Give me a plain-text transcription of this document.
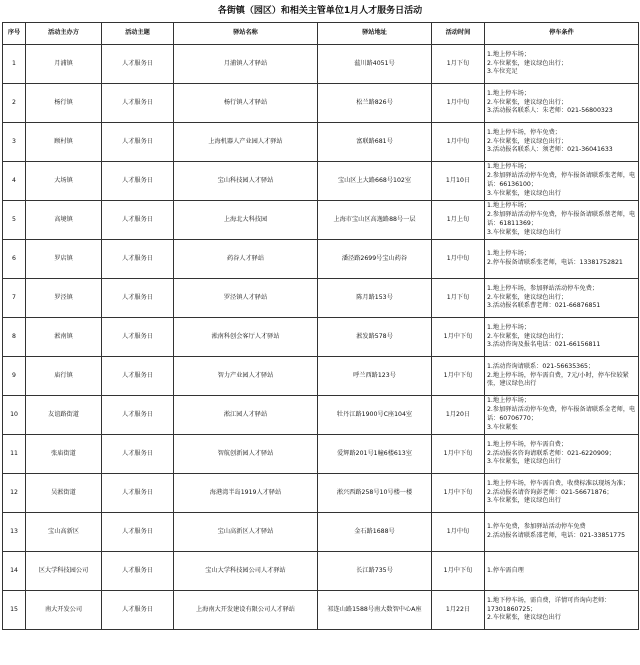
各街镇（园区）和相关主管单位1月人才服务日活动
序号	活动主办方	活动主题	驿站名称	驿站地址	活动时间	停车条件
1	月浦镇	人才服务日	月浦镇人才驿站	蕰川路4051号	1月下旬	1.地上停车场；
2.车位紧张，建议绿色出行；
3.车位充足

2	杨行镇	人才服务日	杨行镇人才驿站	松兰路826号	1月中旬	1.地上停车场；
2.车位紧张，建议绿色出行；
3.活动报名联系人：朱老师：021-56800323

3	顾村镇	人才服务日	上海机器人产业园人才驿站	富联路681号	1月中旬	1.地上停车场，停车免费；
2.车位紧张，建议绿色出行；
3.活动报名联系人：须老师：021-36041633

4	大场镇	人才服务日	宝山科技园人才驿站	宝山区上大路668号102室	1月10日	1.地上停车场；
2.参加驿站活动停车免费，停车报备请联系张老师，电话：66136100；
3.车位紧张，建议绿色出行

5	高境镇	人才服务日	上海北大科技园	上海市宝山区高逸路88号一层	1月上旬	1.地上停车场；
2.参加驿站活动停车免费，停车报备请联系蔡老师，电话：61811369；
3.车位紧张，建议绿色出行

6	罗店镇	人才服务日	药谷人才驿站	潘泾路2699号宝山药谷	1月中旬	1.地上停车场；
2.停车报备请联系张老师，电话：13381752821

7	罗泾镇	人才服务日	罗泾镇人才驿站	陈月路153号	1月下旬	1.地上停车场，参加驿站活动停车免费；
2.车位紧张，建议绿色出行；
3.活动报名联系曹老师：021-66876851

8	淞南镇	人才服务日	淞南科创会客厅人才驿站	淞发路578号	1月中下旬	1.地上停车场；
2.车位紧张，建议绿色出行；
3.活动咨询及报名电话：021-66156811

9	庙行镇	人才服务日	智力产业园人才驿站	呼兰西路123号	1月中下旬	1.活动咨询请联系：021-56635365；
2.地上停车场，停车需自费，7元/小时，停车位较紧张，建议绿色出行

10	友谊路街道	人才服务日	淞江园人才驿站	牡丹江路1900号C座104室	1月20日	1.地上停车场；
2.参加驿站活动停车免费，停车报备请联系金老师，电话：60706770；
3.车位紧张

11	张庙街道	人才服务日	智航创新园人才驿站	爱辉路201号1幢6楼613室	1月中下旬	1.地上停车场，停车需自费；
2.活动报名咨询请联系老师：021-6220909；
3.车位紧张，建议绿色出行

12	吴淞街道	人才服务日	海港湾半岛1919人才驿站	淞兴西路258号10号楼一楼	1月中下旬	1.地上停车场，停车需自费，收费标准以现场为准；
2.活动报名请咨询彭老师：021-56671876；
3.车位紧张，建议绿色出行

13	宝山高新区	人才服务日	宝山高新区人才驿站	金石路1688号	1月中旬	1.停车免费，参加驿站活动停车免费
2.活动报名请联系邵老师，电话：021-33851775

14	区大学科技园公司	人才服务日	宝山大学科技园公司人才驿站	长江路735号	1月中下旬	1.停车需自理

15	南大开发公司	人才服务日	上海南大开发建设有限公司人才驿站	祁连山路1588号南大数智中心A座	1月22日	1.地下停车场，需自费，详情可咨询向老师：17301860725；
2.车位紧张，建议绿色出行
